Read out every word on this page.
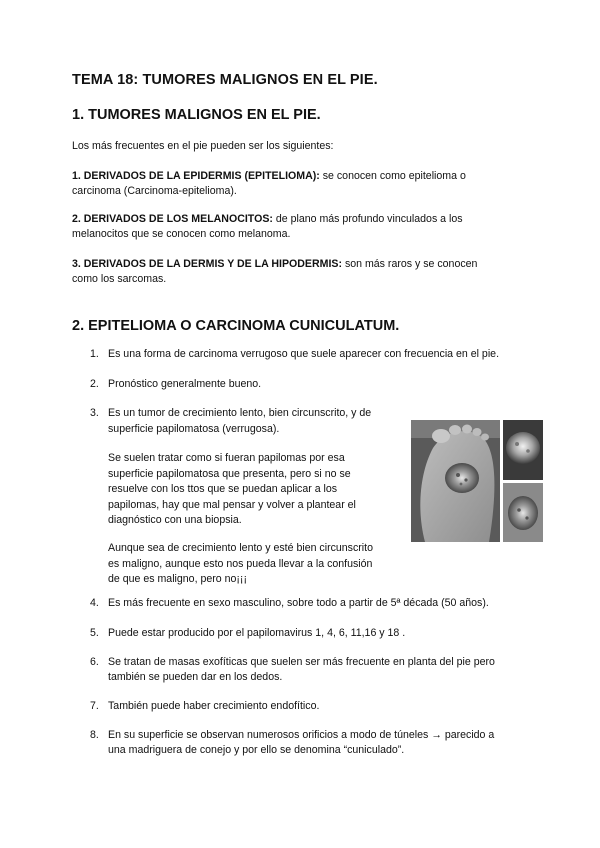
TEMA 18: TUMORES MALIGNOS EN EL PIE.
1. TUMORES MALIGNOS EN EL PIE.
Los más frecuentes en el pie pueden ser los siguientes:
1. DERIVADOS DE LA EPIDERMIS (EPITELIOMA): se conocen como epitelioma o
carcinoma (Carcinoma-epitelioma).
2. DERIVADOS DE LOS MELANOCITOS: de plano más profundo vinculados a los
melanocitos que se conocen como melanoma.
3. DERIVADOS DE LA DERMIS Y DE LA HIPODERMIS: son más raros y se conocen
como los sarcomas.
2. EPITELIOMA O CARCINOMA CUNICULATUM.
1. Es una forma de carcinoma verrugoso que suele aparecer con frecuencia en el pie.
2. Pronóstico generalmente bueno.
3. Es un tumor de crecimiento lento, bien circunscrito, y de
superficie papilomatosa (verrugosa).
Se suelen tratar como si fueran papilomas por esa
superficie papilomatosa que presenta, pero si no se
resuelve con los ttos que se puedan aplicar a los
papilomas, hay que mal pensar y volver a plantear el
diagnóstico con una biopsia.
Aunque sea de crecimiento lento y esté bien circunscrito
es maligno, aunque esto nos pueda llevar a la confusión
de que es maligno, pero no¡¡¡
4. Es más frecuente en sexo masculino, sobre todo a partir de 5ª década (50 años).
5. Puede estar producido por el papilomavirus 1, 4, 6, 11,16 y 18 .
6. Se tratan de masas exofíticas que suelen ser más frecuente en planta del pie pero
también se pueden dar en los dedos.
7. También puede haber crecimiento endofítico.
8. En su superficie se observan numerosos orificios a modo de túneles → parecido a
una madriguera de conejo y por ello se denomina “cuniculado”.
